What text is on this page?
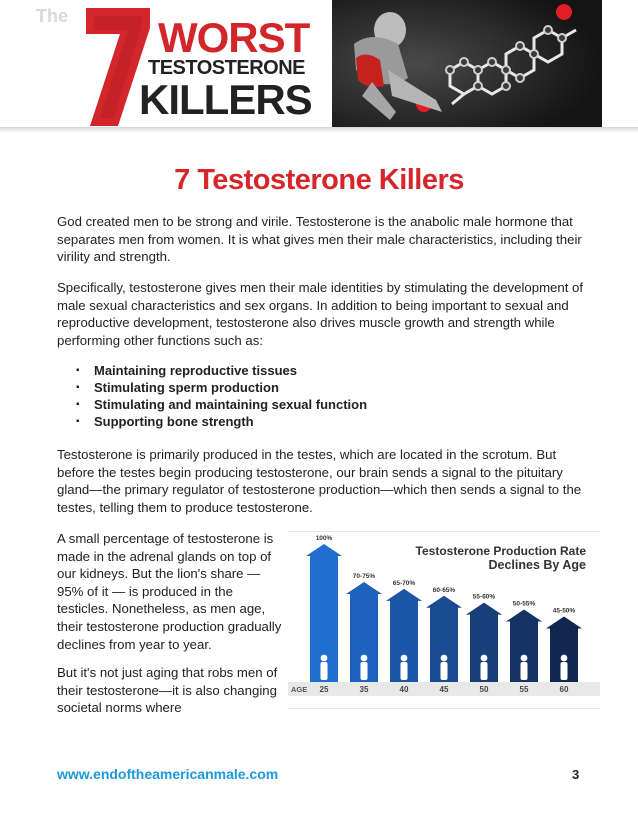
The WORST
TESTOSTERONE
KILLERS
7 Testosterone Killers

God created men to be strong and virile. Testosterone is the anabolic male hormone that separates men from women. It is what gives men their male characteristics, including their virility and strength.

Specifically, testosterone gives men their male identities by stimulating the development of male sexual characteristics and sex organs. In addition to being important to sexual and reproductive development, testosterone also drives muscle growth and strength while performing other functions such as:

▪ Maintaining reproductive tissues
▪ Stimulating sperm production
▪ Stimulating and maintaining sexual function
▪ Supporting bone strength

Testosterone is primarily produced in the testes, which are located in the scrotum. But before the testes begin producing testosterone, our brain sends a signal to the pituitary gland—the primary regulator of testosterone production—which then sends a signal to the testes, telling them to produce testosterone.

A small percentage of testosterone is made in the adrenal glands on top of our kidneys. But the lion's share — 95% of it — is produced in the testicles. Nonetheless, as men age, their testosterone production gradually declines from year to year.

But it's not just aging that robs men of their testosterone—it is also changing societal norms where

Testosterone Production Rate
Declines By Age
AGE
100%
25
70-75%
35
65-70%
40
60-65%
45
55-60%
50
50-55%
55
45-50%
60
www.endoftheamericanmale.com	3
